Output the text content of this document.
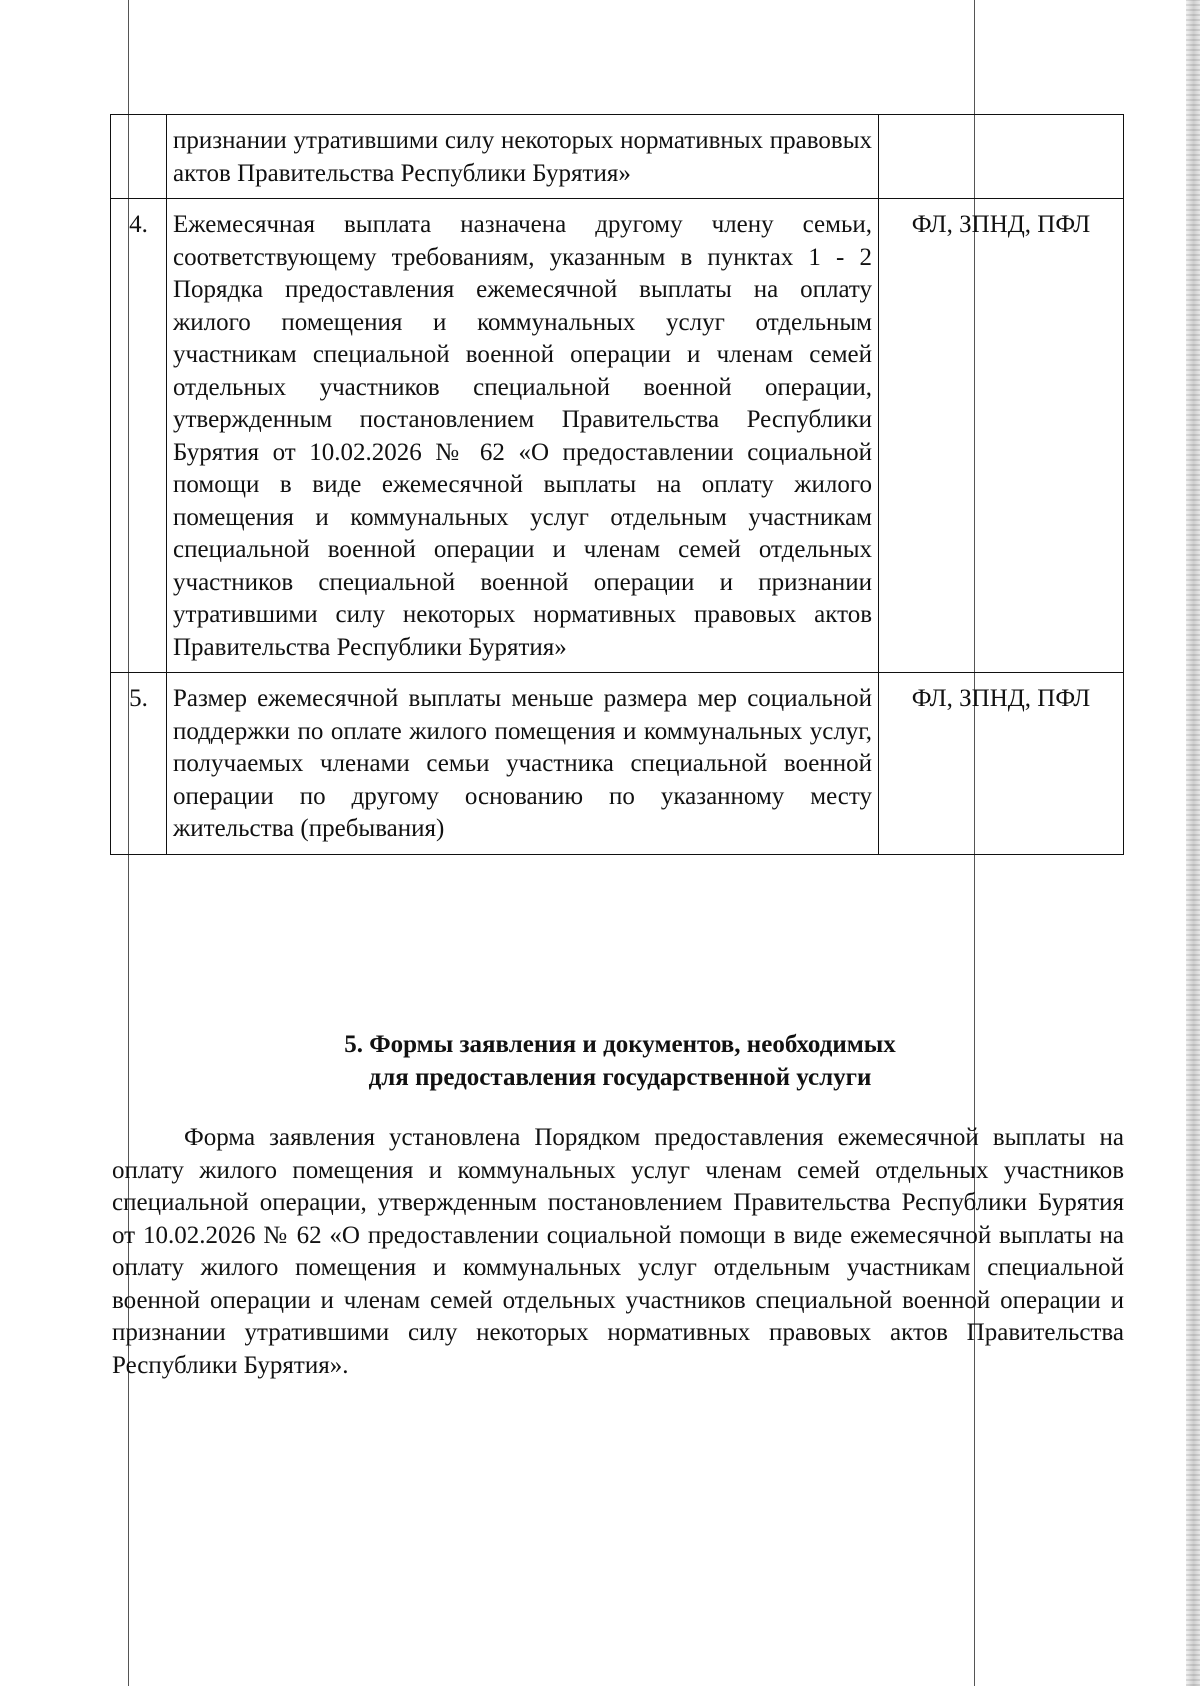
	признании утратившими силу некоторых нормативных правовых актов Правительства Республики Бурятия»	
4.	Ежемесячная выплата назначена другому члену семьи, соответствующему требованиям, указанным в пунктах 1 - 2 Порядка предоставления ежемесячной выплаты на оплату жилого помещения и коммунальных услуг отдельным участникам специальной военной операции и членам семей отдельных участников специальной военной операции, утвержденным постановлением Правительства Республики Бурятия от 10.02.2026 № 62 «О предоставлении социальной помощи в виде ежемесячной выплаты на оплату жилого помещения и коммунальных услуг отдельным участникам специальной военной операции и членам семей отдельных участников специальной военной операции и признании утратившими силу некоторых нормативных правовых актов Правительства Республики Бурятия»	ФЛ, ЗПНД, ПФЛ
5.	Размер ежемесячной выплаты меньше размера мер социальной поддержки по оплате жилого помещения и коммунальных услуг, получаемых членами семьи участника специальной военной операции по другому основанию по указанному месту жительства (пребывания)	ФЛ, ЗПНД, ПФЛ
5. Формы заявления и документов, необходимых
для предоставления государственной услуги

Форма заявления установлена Порядком предоставления ежемесячной выплаты на оплату жилого помещения и коммунальных услуг членам семей отдельных участников специальной операции, утвержденным постановлением Правительства Республики Бурятия от 10.02.2026 № 62 «О предоставлении социальной помощи в виде ежемесячной выплаты на оплату жилого помещения и коммунальных услуг отдельным участникам специальной военной операции и членам семей отдельных участников специальной военной операции и признании утратившими силу некоторых нормативных правовых актов Правительства Республики Бурятия».
